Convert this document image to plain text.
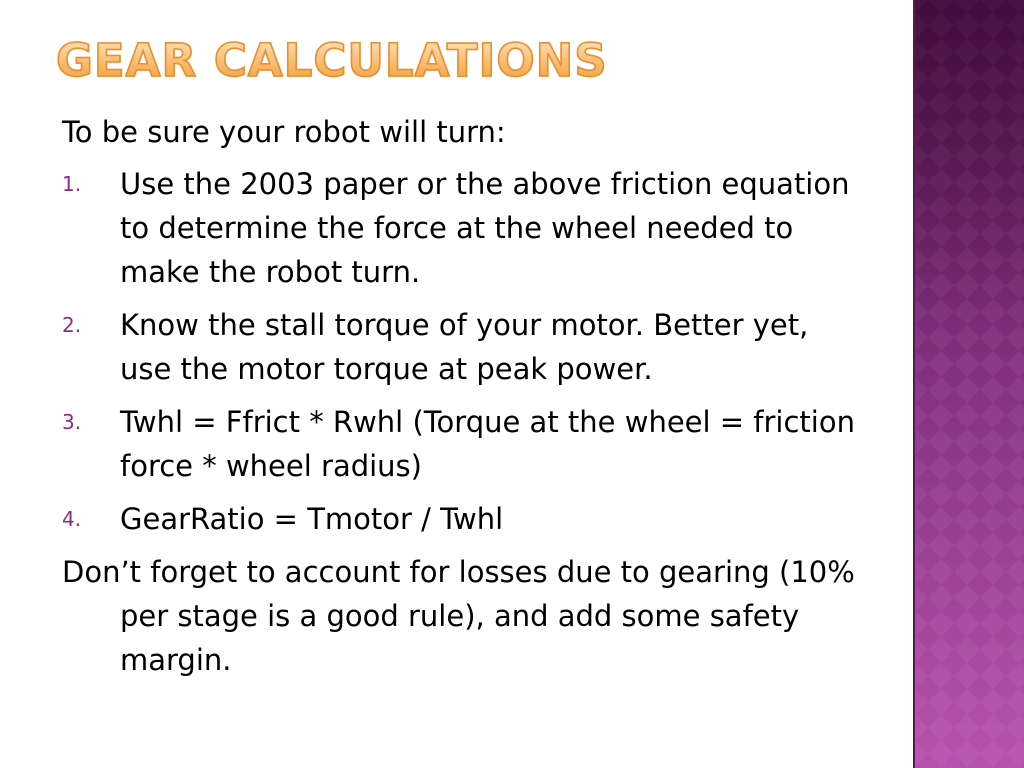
GEAR CALCULATIONS

To be sure your robot will turn:

1. Use the 2003 paper or the above friction equation to determine the force at the wheel needed to make the robot turn.
2. Know the stall torque of your motor. Better yet, use the motor torque at peak power.
3. Twhl = Ffrict * Rwhl (Torque at the wheel = friction force * wheel radius)
4. GearRatio = Tmotor / Twhl

Don’t forget to account for losses due to gearing (10% per stage is a good rule), and add some safety margin.
